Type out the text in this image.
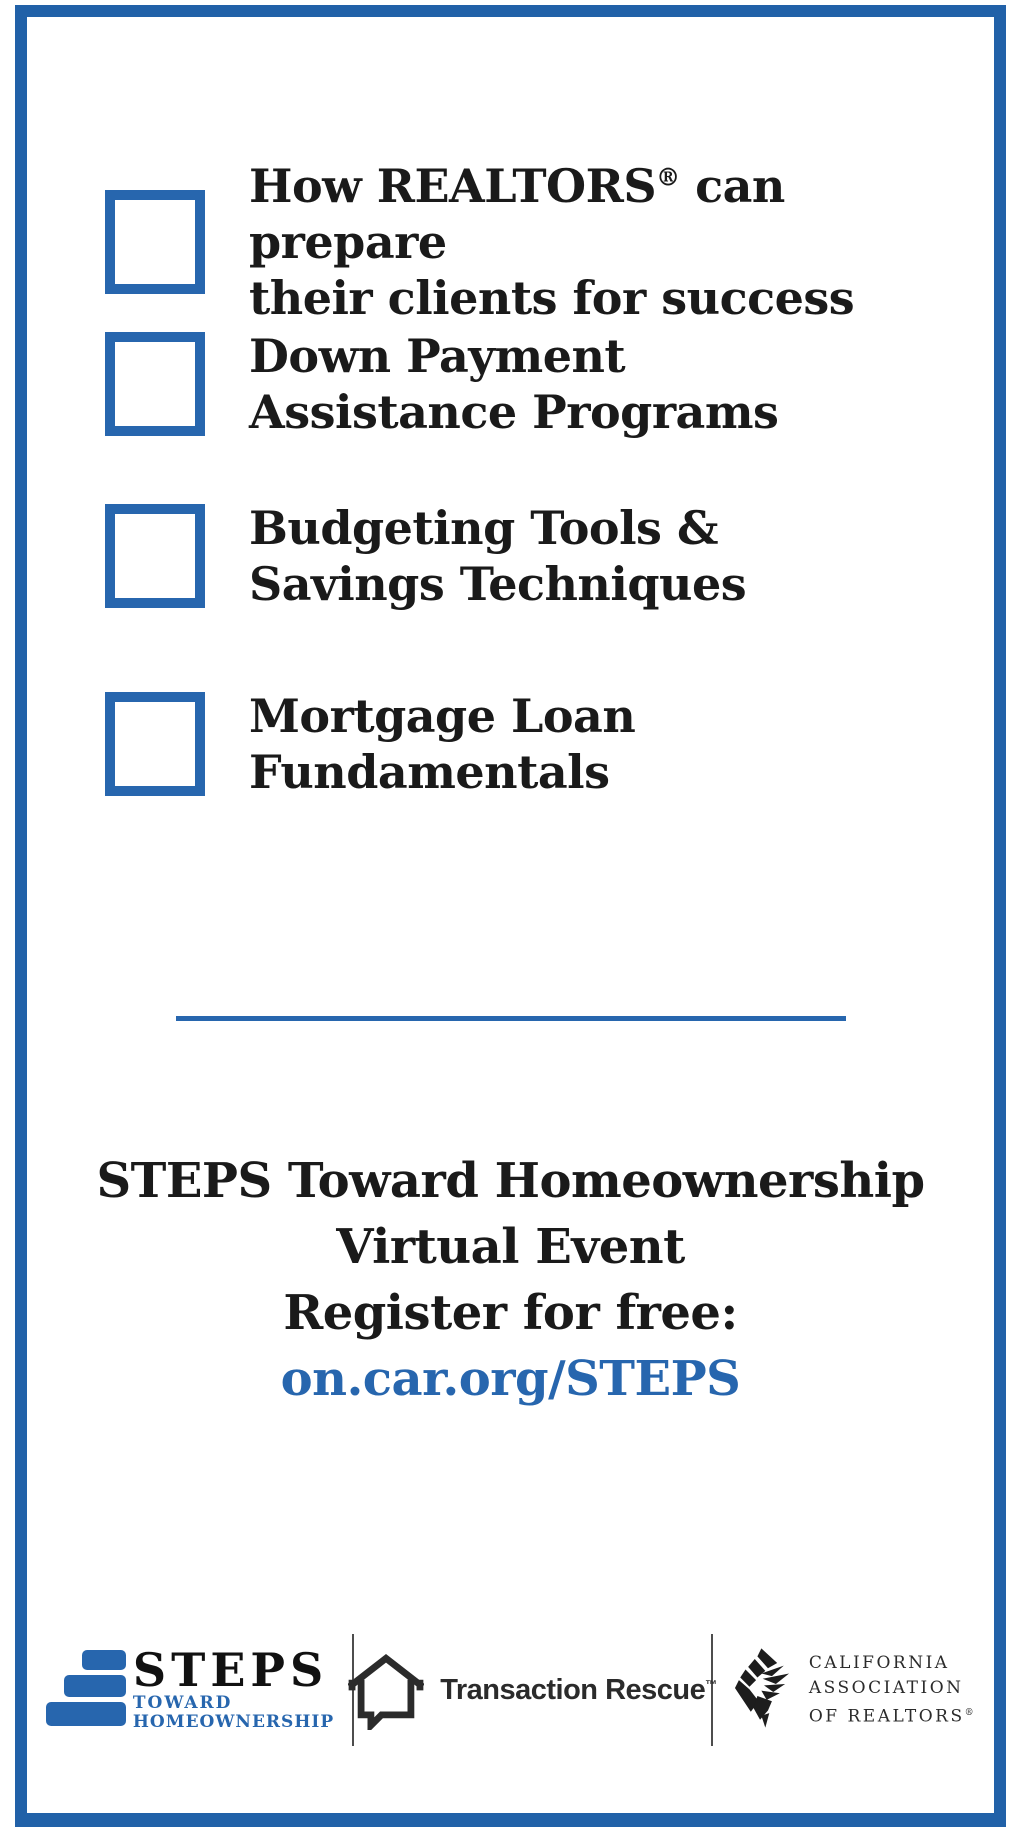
How REALTORS® can prepare
their clients for success
Down Payment
Assistance Programs
Budgeting Tools &
Savings Techniques
Mortgage Loan Fundamentals
STEPS Toward Homeownership
Virtual Event
Register for free:
on.car.org/STEPS
STEPS
TOWARD
HOMEOWNERSHIP
Transaction Rescue™
CALIFORNIA
ASSOCIATION
OF REALTORS®
